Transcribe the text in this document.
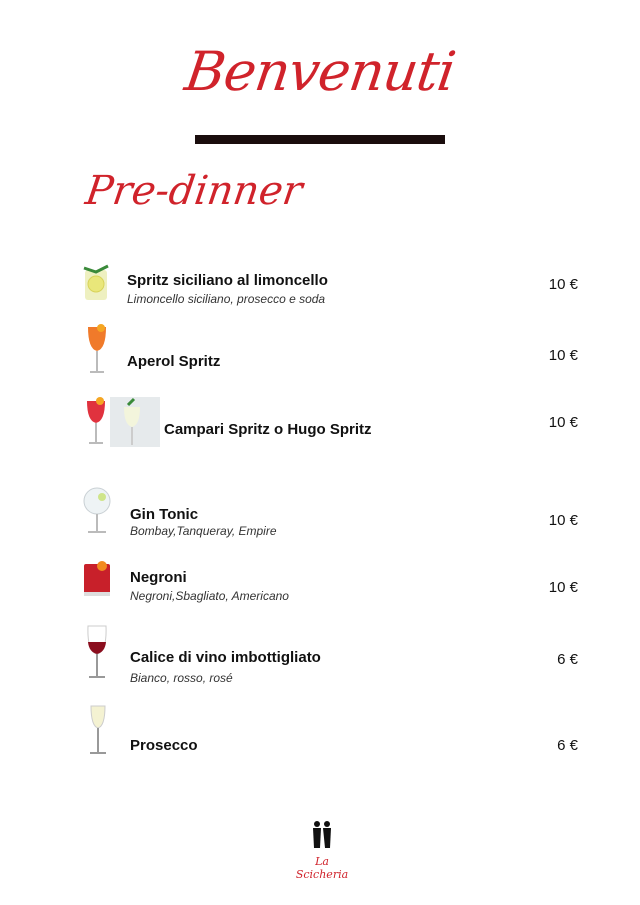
Benvenuti
Pre-dinner
Spritz siciliano al limoncello
Limoncello siciliano, prosecco e soda
10 €
Aperol Spritz	10 €
Campari Spritz o Hugo Spritz	10 €
Gin Tonic
Bombay,Tanqueray, Empire
10 €
Negroni
Negroni,Sbagliato, Americano	10 €
Calice di vino imbottigliato
Bianco, rosso, rosé
6 €
Prosecco	6 €
La Scicheria
